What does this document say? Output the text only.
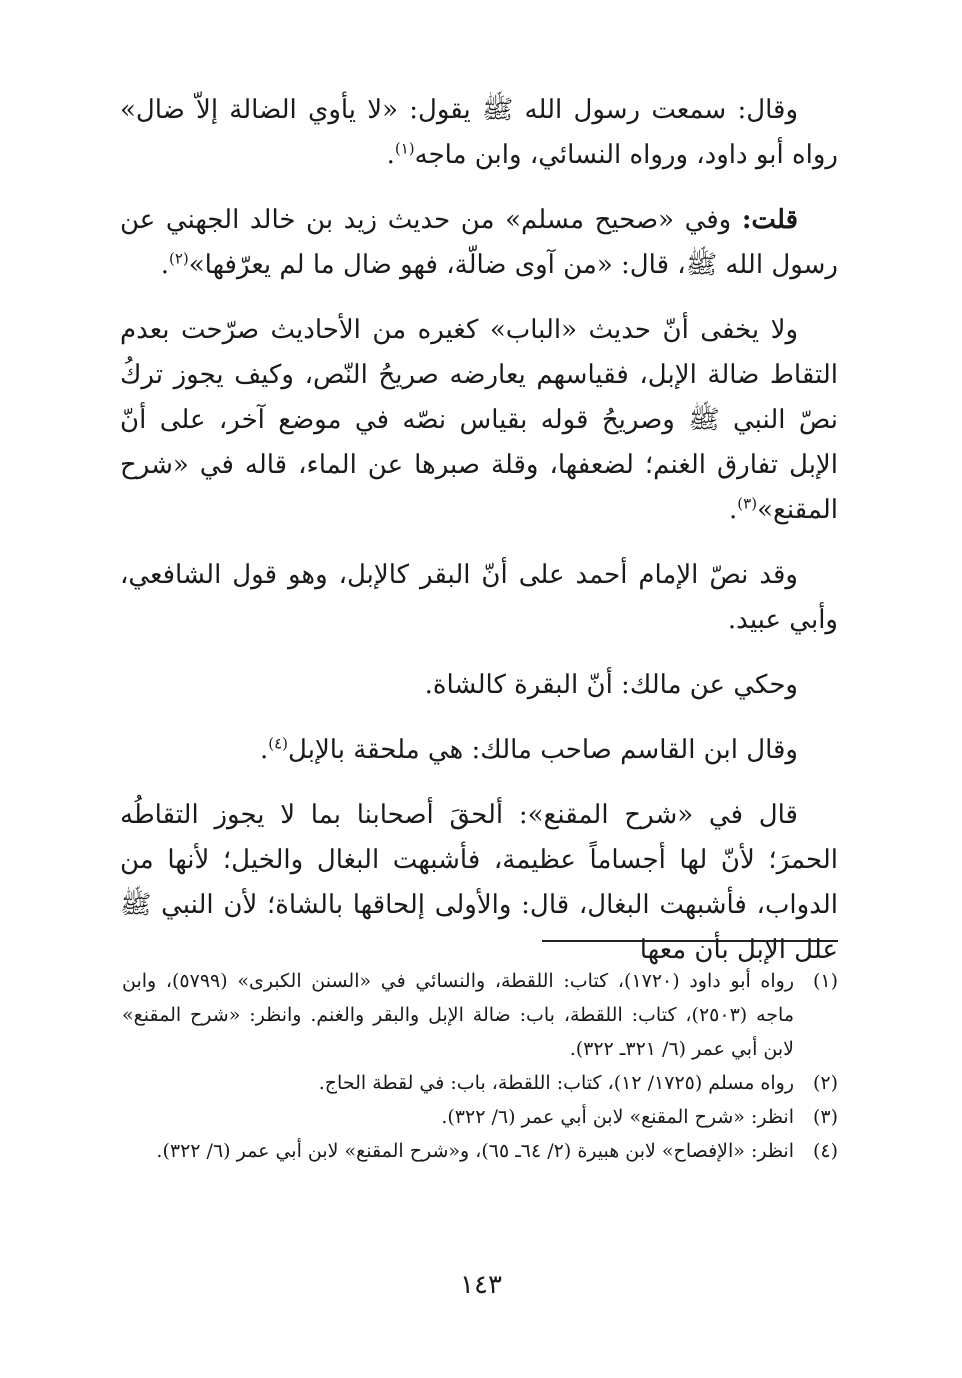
وقال: سمعت رسول الله ﷺ يقول: «لا يأوي الضالة إلاّ ضال» رواه أبو داود، ورواه النسائي، وابن ماجه$^{(١)}$.

قلت: وفي «صحيح مسلم» من حديث زيد بن خالد الجهني عن رسول الله ﷺ، قال: «من آوى ضالّة، فهو ضال ما لم يعرّفها»$^{(٢)}$.

ولا يخفى أنّ حديث «الباب» كغيره من الأحاديث صرّحت بعدم التقاط ضالة الإبل، فقياسهم يعارضه صريحُ النّص، وكيف يجوز تركُ نصّ النبي ﷺ وصريحُ قوله بقياس نصّه في موضع آخر، على أنّ الإبل تفارق الغنم؛ لضعفها، وقلة صبرها عن الماء، قاله في «شرح المقنع»$^{(٣)}$.

وقد نصّ الإمام أحمد على أنّ البقر كالإبل، وهو قول الشافعي، وأبي عبيد.

وحكي عن مالك: أنّ البقرة كالشاة.

وقال ابن القاسم صاحب مالك: هي ملحقة بالإبل$^{(٤)}$.

قال في «شرح المقنع»: ألحقَ أصحابنا بما لا يجوز التقاطُه الحمرَ؛ لأنّ لها أجساماً عظيمة، فأشبهت البغال والخيل؛ لأنها من الدواب، فأشبهت البغال، قال: والأولى إلحاقها بالشاة؛ لأن النبي ﷺ علل الإبل بأن معها

(١)
رواه أبو داود (١٧٢٠)، كتاب: اللقطة، والنسائي في «السنن الكبرى» (٥٧٩٩)، وابن ماجه (٢٥٠٣)، كتاب: اللقطة، باب: ضالة الإبل والبقر والغنم. وانظر: «شرح المقنع» لابن أبي عمر (٦/ ٣٢١ـ ٣٢٢).
(٢)
رواه مسلم (١٧٢٥/ ١٢)، كتاب: اللقطة، باب: في لقطة الحاج.
(٣)
انظر: «شرح المقنع» لابن أبي عمر (٦/ ٣٢٢).
(٤)
انظر: «الإفصاح» لابن هبيرة (٢/ ٦٤ـ ٦٥)، و«شرح المقنع» لابن أبي عمر (٦/ ٣٢٢).
١٤٣
